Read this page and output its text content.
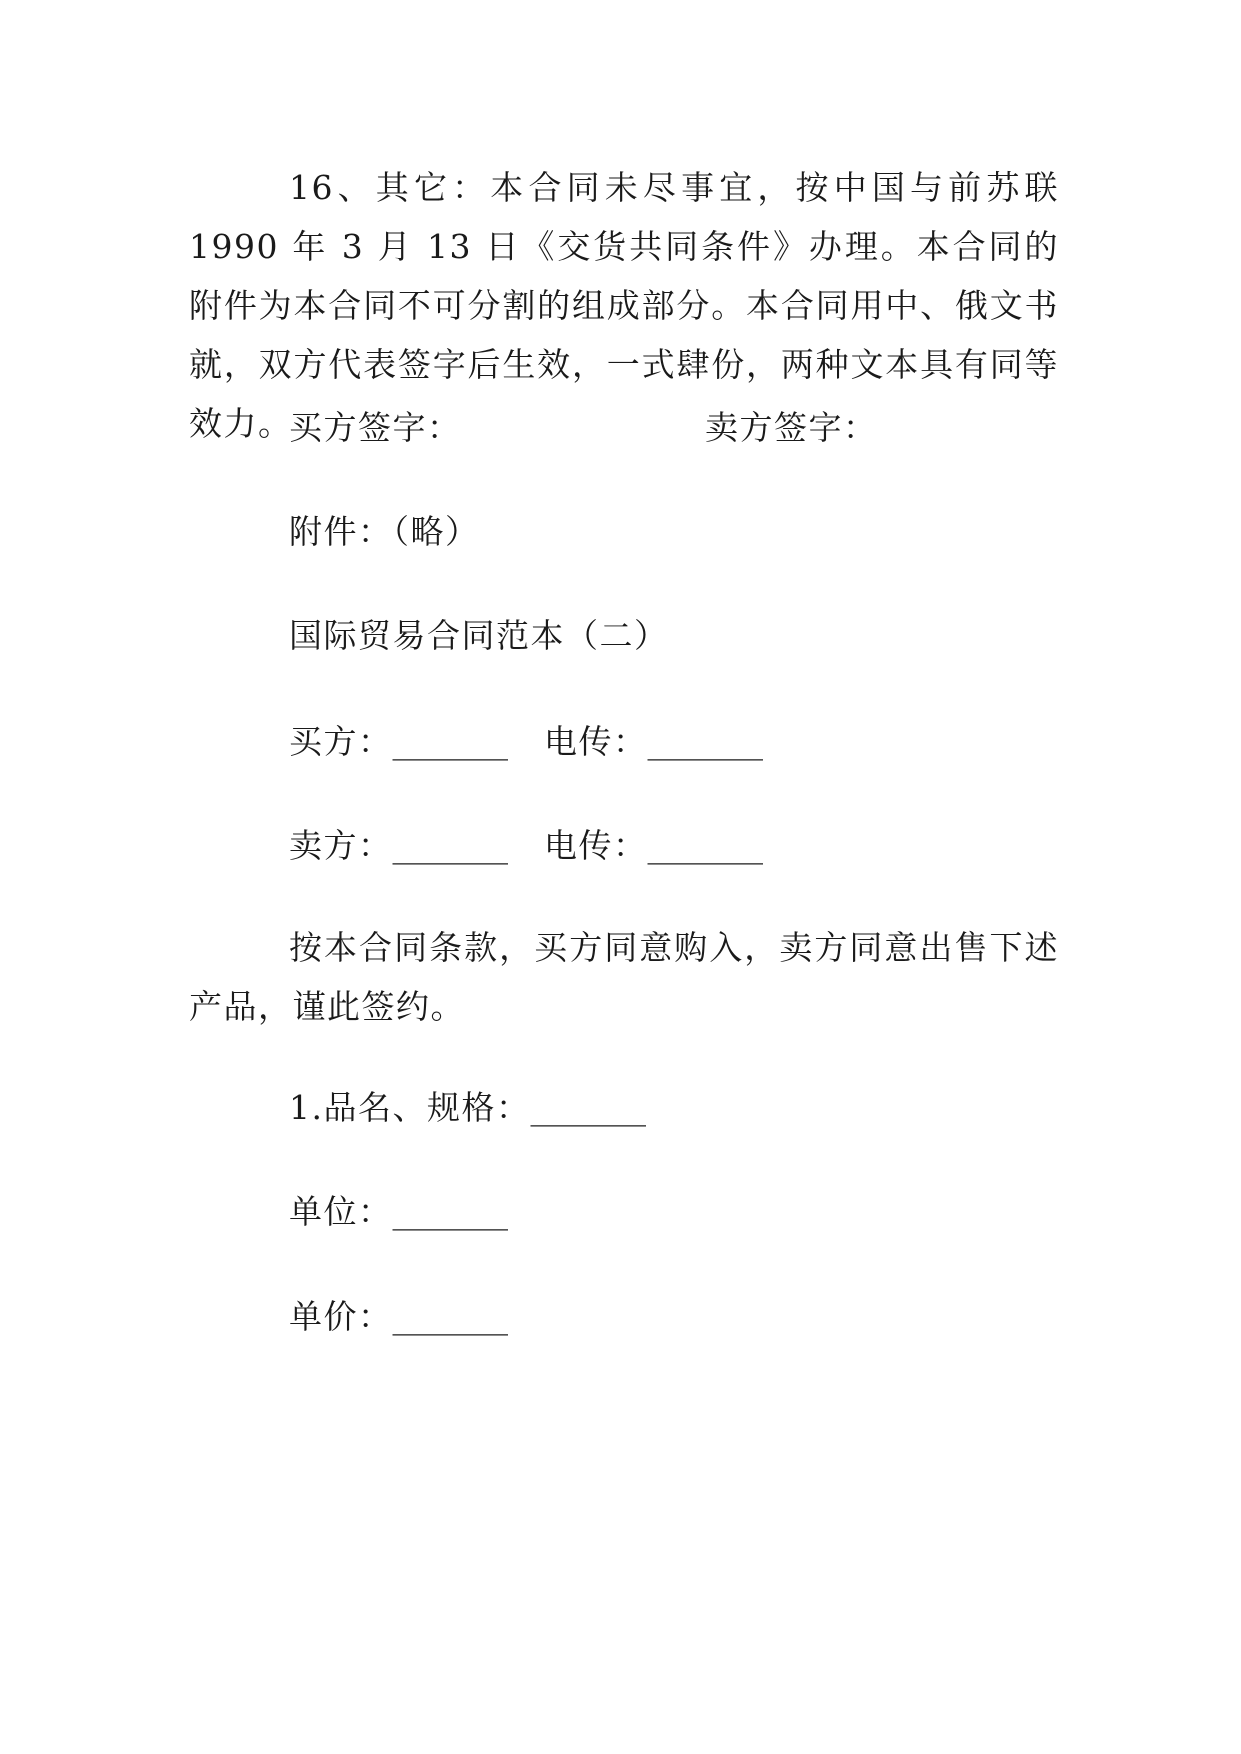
16、其它：本合同未尽事宜，按中国与前苏联 1990 年 3 月 13 日《交货共同条件》办理。本合同的附件为本合同不可分割的组成部分。本合同用中、俄文书就，双方代表签字后生效，一式肆份，两种文本具有同等效力。

买方签字：	卖方签字：
附件：（略）
国际贸易合同范本（二）
买方：_______ 电传：_______
卖方：_______ 电传：_______

按本合同条款，买方同意购入，卖方同意出售下述产品，谨此签约。

1.品名、规格：_______
单位：_______
单价：_______
